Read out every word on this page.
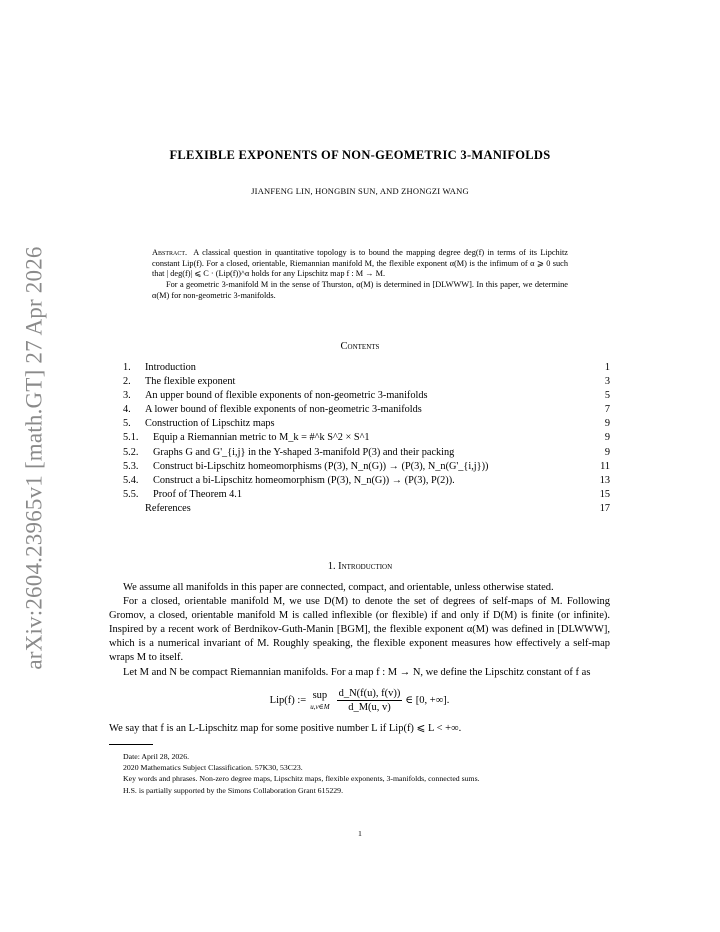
arXiv:2604.23965v1 [math.GT] 27 Apr 2026
FLEXIBLE EXPONENTS OF NON-GEOMETRIC 3-MANIFOLDS
JIANFENG LIN, HONGBIN SUN, AND ZHONGZI WANG

Abstract. A classical question in quantitative topology is to bound the mapping degree deg(f) in terms of its Lipchitz constant Lip(f). For a closed, orientable, Riemannian manifold M, the flexible exponent α(M) is the infimum of α ⩾ 0 such that | deg(f)| ⩽ C · (Lip(f))^α holds for any Lipschitz map f : M → M.

For a geometric 3-manifold M in the sense of Thurston, α(M) is determined in [DLWWW]. In this paper, we determine α(M) for non-geometric 3-manifolds.

Contents
1. Introduction	1
2. The flexible exponent	3
3. An upper bound of flexible exponents of non-geometric 3-manifolds	5
4. A lower bound of flexible exponents of non-geometric 3-manifolds	7
5. Construction of Lipschitz maps	9
5.1. Equip a Riemannian metric to M_k = #^k S^2 × S^1	9
5.2. Graphs G and G'_{i,j} in the Y-shaped 3-manifold P(3) and their packing	9
5.3. Construct bi-Lipschitz homeomorphisms (P(3), N_n(G)) → (P(3), N_n(G'_{i,j}))	11
5.4. Construct a bi-Lipschitz homeomorphism (P(3), N_n(G)) → (P(3), P(2)).	13
5.5. Proof of Theorem 4.1	15
References	17
1. Introduction

We assume all manifolds in this paper are connected, compact, and orientable, unless otherwise stated.

For a closed, orientable manifold M, we use D(M) to denote the set of degrees of self-maps of M. Following Gromov, a closed, orientable manifold M is called inflexible (or flexible) if and only if D(M) is finite (or infinite). Inspired by a recent work of Berdnikov-Guth-Manin [BGM], the flexible exponent α(M) was defined in [DLWWW], which is a numerical invariant of M. Roughly speaking, the flexible exponent measures how effectively a self-map wraps M to itself.

Let M and N be compact Riemannian manifolds. For a map f : M → N, we define the Lipschitz constant of f as

Lip(f) := sup
u,v∈M $\frac{d\_N(f(u), f(v))}{d\_M(u, v)}$ ∈ [0, +∞].
We say that f is an L-Lipschitz map for some positive number L if Lip(f) ⩽ L < +∞.
Date: April 28, 2026.
2020 Mathematics Subject Classification. 57K30, 53C23.
Key words and phrases. Non-zero degree maps, Lipschitz maps, flexible exponents, 3-manifolds, connected sums.
H.S. is partially supported by the Simons Collaboration Grant 615229.
1
